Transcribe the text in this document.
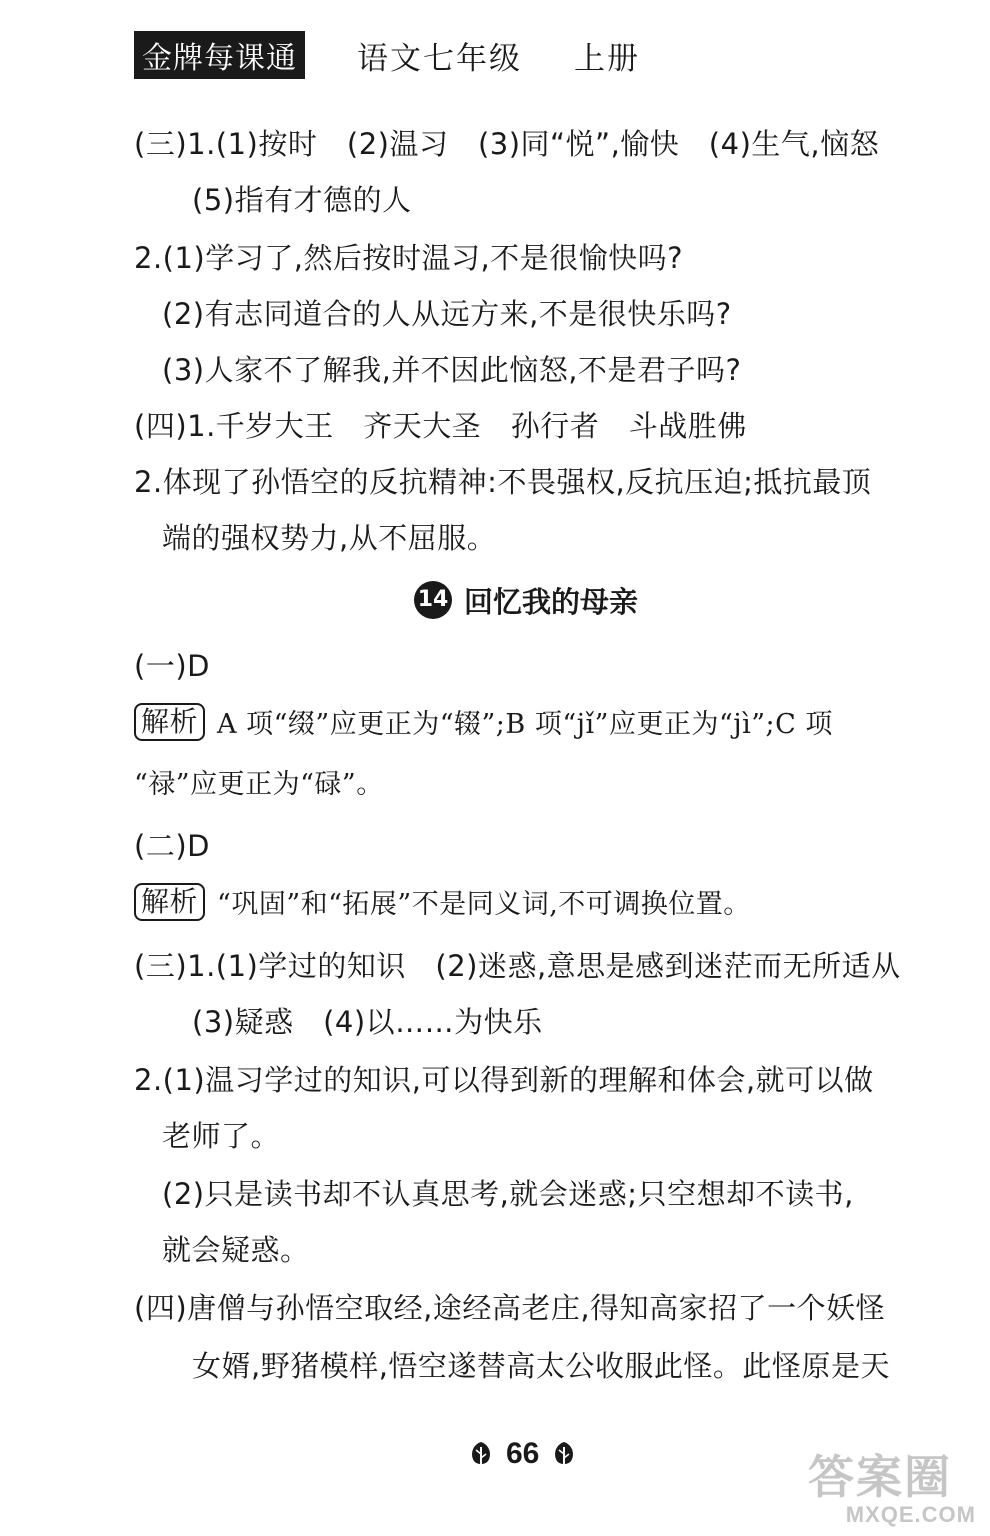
金牌每课通 语文七年级 上册
(三)1.(1)按时　(2)温习　(3)同“悦”,愉快　(4)生气,恼怒
(5)指有才德的人
2.(1)学习了,然后按时温习,不是很愉快吗?
(2)有志同道合的人从远方来,不是很快乐吗?
(3)人家不了解我,并不因此恼怒,不是君子吗?
(四)1.千岁大王　齐天大圣　孙行者　斗战胜佛
2.体现了孙悟空的反抗精神:不畏强权,反抗压迫;抵抗最顶
端的强权势力,从不屈服。
14 回忆我的母亲
(一)D
解析 A 项“缀”应更正为“辍”;B 项“jǐ”应更正为“jì”;C 项
“禄”应更正为“碌”。
(二)D
解析 “巩固”和“拓展”不是同义词,不可调换位置。
(三)1.(1)学过的知识　(2)迷惑,意思是感到迷茫而无所适从
(3)疑惑　(4)以……为快乐
2.(1)温习学过的知识,可以得到新的理解和体会,就可以做
老师了。
(2)只是读书却不认真思考,就会迷惑;只空想却不读书,
就会疑惑。
(四)唐僧与孙悟空取经,途经高老庄,得知高家招了一个妖怪
女婿,野猪模样,悟空遂替高太公收服此怪。此怪原是天
66	答案圈
MXQE.COM
